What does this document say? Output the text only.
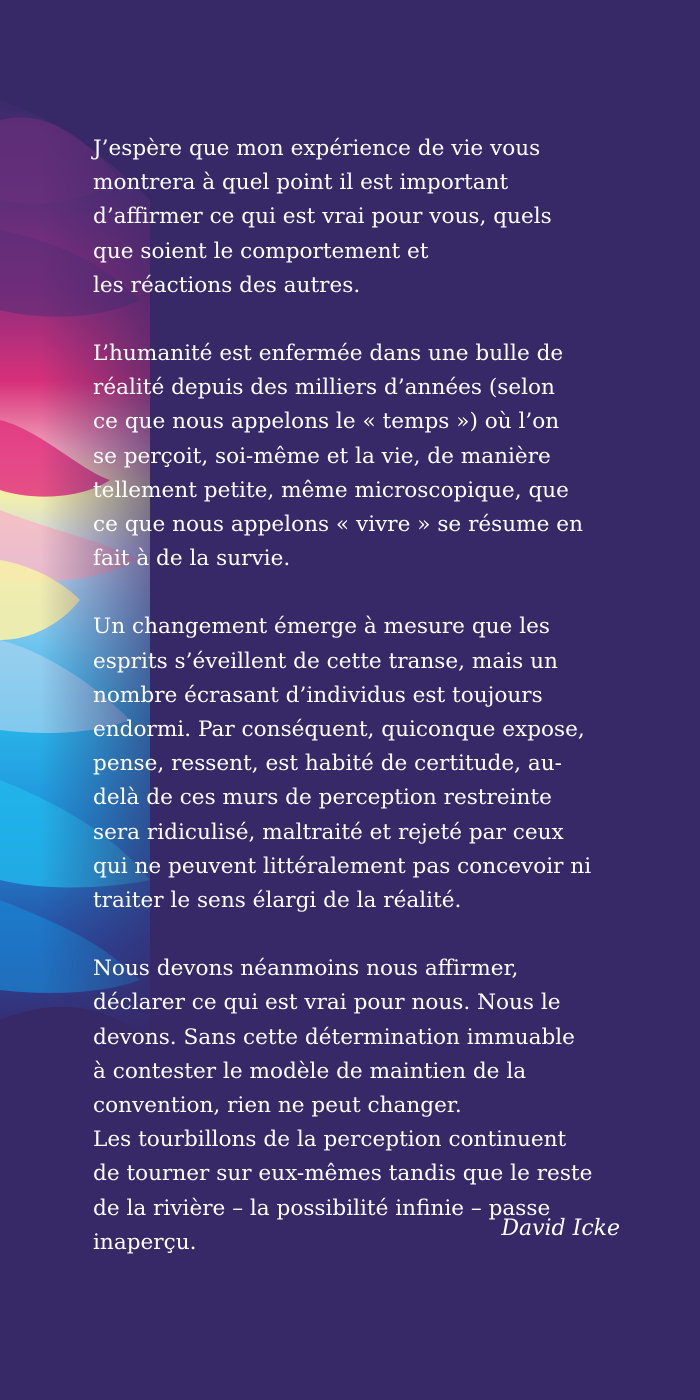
J’espère que mon expérience de vie vous
montrera à quel point il est important
d’affirmer ce qui est vrai pour vous, quels
que soient le comportement et
les réactions des autres.

L’humanité est enfermée dans une bulle de
réalité depuis des milliers d’années (selon
ce que nous appelons le « temps ») où l’on
se perçoit, soi-même et la vie, de manière
tellement petite, même microscopique, que
ce que nous appelons « vivre » se résume en
fait à de la survie.

Un changement émerge à mesure que les
esprits s’éveillent de cette transe, mais un
nombre écrasant d’individus est toujours
endormi. Par conséquent, quiconque expose,
pense, ressent, est habité de certitude, au-
delà de ces murs de perception restreinte
sera ridiculisé, maltraité et rejeté par ceux
qui ne peuvent littéralement pas concevoir ni
traiter le sens élargi de la réalité.

Nous devons néanmoins nous affirmer,
déclarer ce qui est vrai pour nous. Nous le
devons. Sans cette détermination immuable
à contester le modèle de maintien de la
convention, rien ne peut changer.
Les tourbillons de la perception continuent
de tourner sur eux-mêmes tandis que le reste
de la rivière – la possibilité infinie – passe
inaperçu.

David Icke
